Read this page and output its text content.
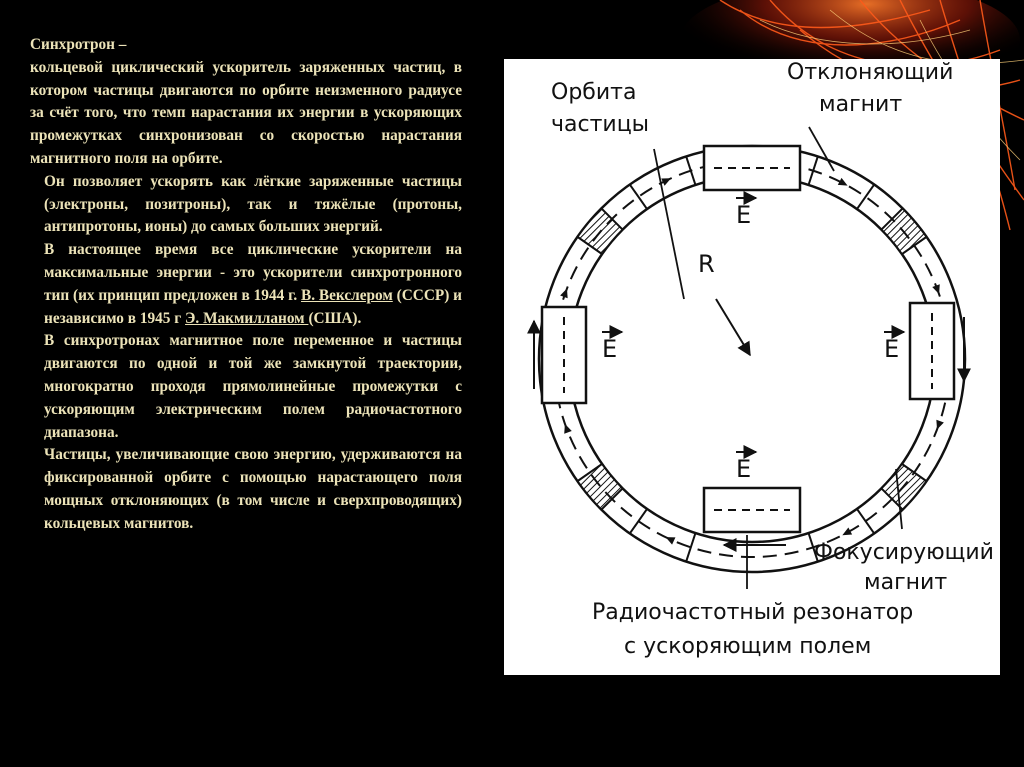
Синхротрон –
кольцевой циклический ускоритель заряженных частиц, в котором частицы двигаются по орбите неизменного радиусе за счёт того, что темп нарастания их энергии в ускоряющих промежутках синхронизован со скоростью нарастания магнитного поля на орбите.

Он позволяет ускорять как лёгкие заряженные частицы (электроны, позитроны), так и тяжёлые (протоны, антипротоны, ионы) до самых больших энергий.

В настоящее время все циклические ускорители на максимальные энергии - это ускорители синхротронного тип (их принцип предложен в 1944 г. В. Векслером (СССР) и независимо в 1945 г Э. Макмилланом (США).

В синхротронах магнитное поле переменное и частицы двигаются по одной и той же замкнутой траектории, многократно проходя прямолинейные промежутки с ускоряющим электрическим полем радиочастотного диапазона.

Частицы, увеличивающие свою энергию, удерживаются на фиксированной орбите с помощью нарастающего поля мощных отклоняющих (в том числе и сверхпроводящих) кольцевых магнитов.

E
E	E
E
R
Орбита
частицы
Отклоняющий
магнит
Фокусирующий
магнит
Радиочастотный резонатор
с ускоряющим полем
